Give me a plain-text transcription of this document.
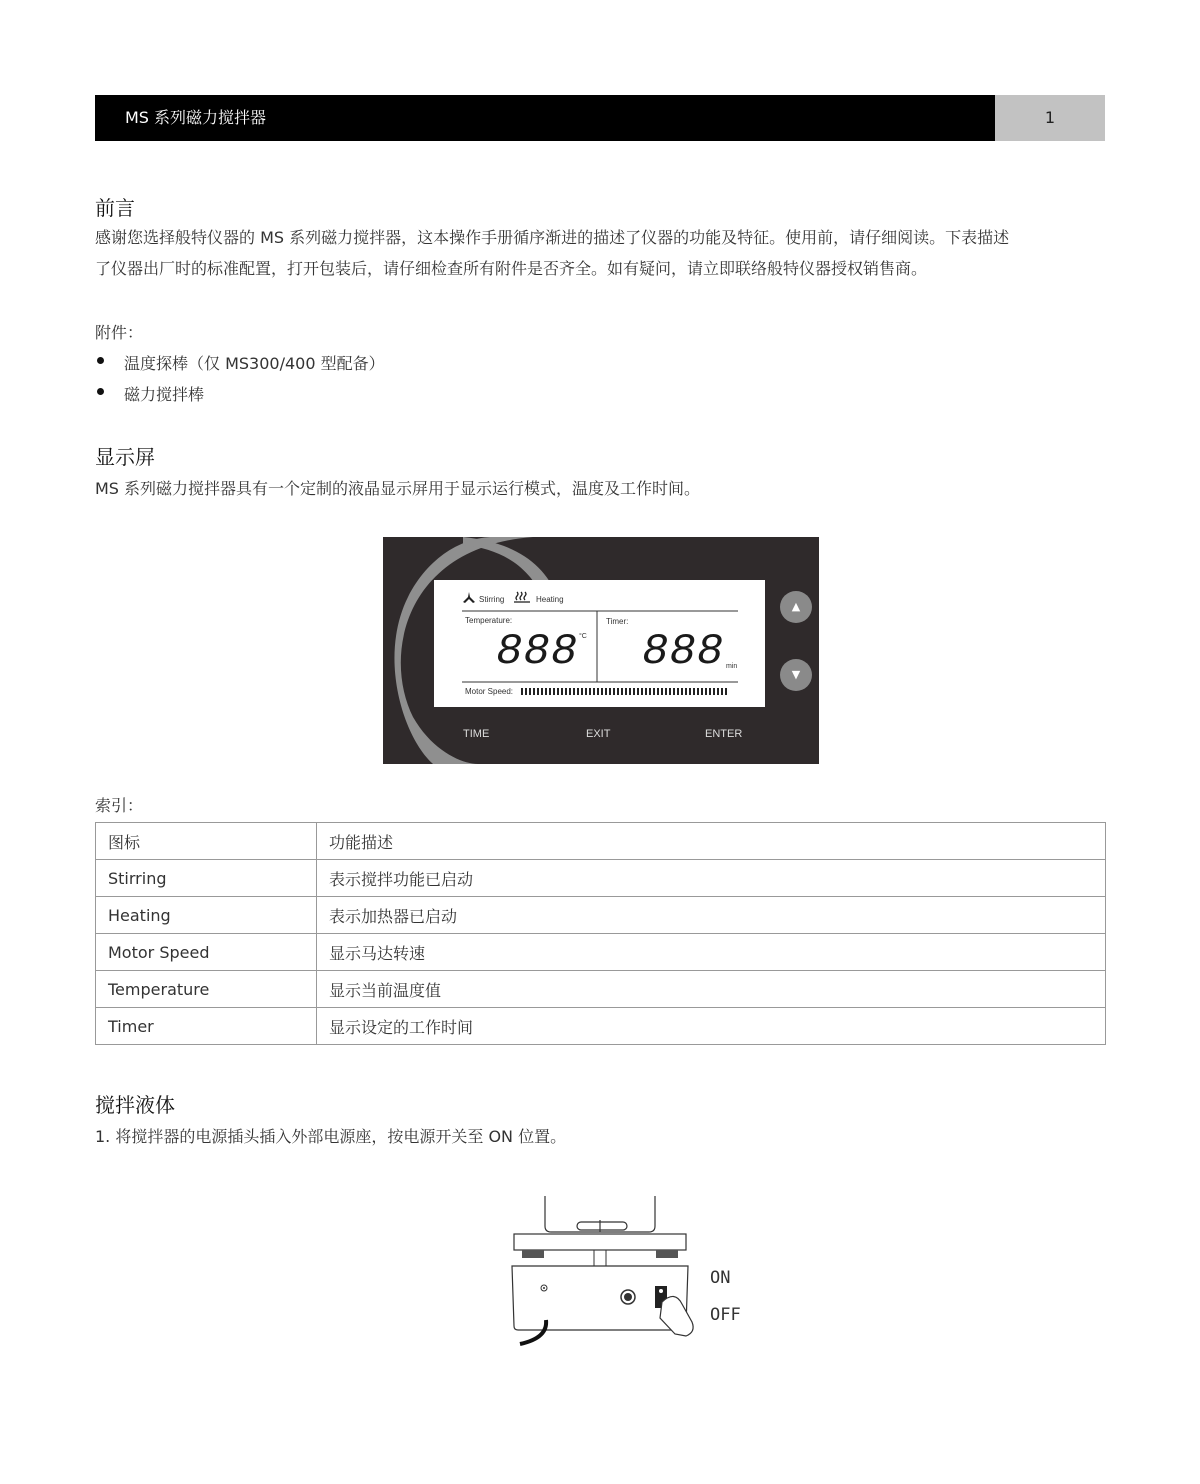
MS 系列磁力搅拌器	1
前言

感谢您选择般特仪器的 MS 系列磁力搅拌器，这本操作手册循序渐进的描述了仪器的功能及特征。使用前，请仔细阅读。下表描述

了仪器出厂时的标准配置，打开包装后，请仔细检查所有附件是否齐全。如有疑问，请立即联络般特仪器授权销售商。

附件：
温度探棒（仅 MS300/400 型配备）
磁力搅拌棒
显示屏
MS 系列磁力搅拌器具有一个定制的液晶显示屏用于显示运行模式，温度及工作时间。
Stirring	Heating
Temperature:	Timer:
888 °C 888 min
Motor Speed:
▲
▼
TIME	EXIT	ENTER
索引：
图标	功能描述
Stirring	表示搅拌功能已启动
Heating	表示加热器已启动
Motor Speed	显示马达转速
Temperature	显示当前温度值
Timer	显示设定的工作时间
搅拌液体
1. 将搅拌器的电源插头插入外部电源座，按电源开关至 ON 位置。
ON
OFF
